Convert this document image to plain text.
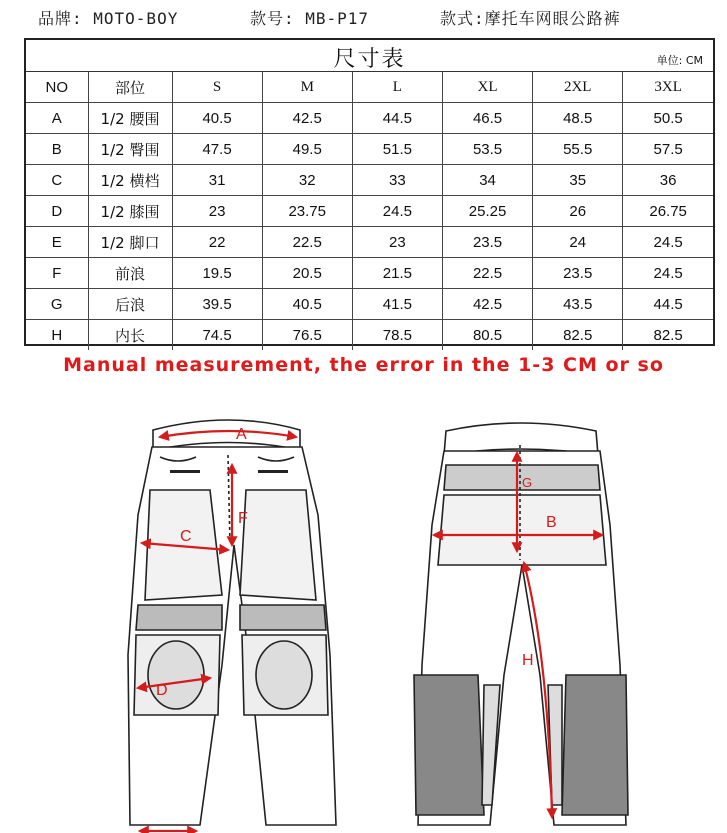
品牌: MOTO-BOY	款号: MB-P17	款式:摩托车网眼公路裤
尺寸表	单位: CM
NO	部位	S	M	L	XL	2XL	3XL
A	1/2 腰围	40.5	42.5	44.5	46.5	48.5	50.5
B	1/2 臀围	47.5	49.5	51.5	53.5	55.5	57.5
C	1/2 横档	31	32	33	34	35	36
D	1/2 膝围	23	23.75	24.5	25.25	26	26.75
E	1/2 脚口	22	22.5	23	23.5	24	24.5
F	前浪	19.5	20.5	21.5	22.5	23.5	24.5
G	后浪	39.5	40.5	41.5	42.5	43.5	44.5
H	内长	74.5	76.5	78.5	80.5	82.5	82.5
Manual measurement, the error in the 1-3 CM or so
A
F
C
D
G
B
H
